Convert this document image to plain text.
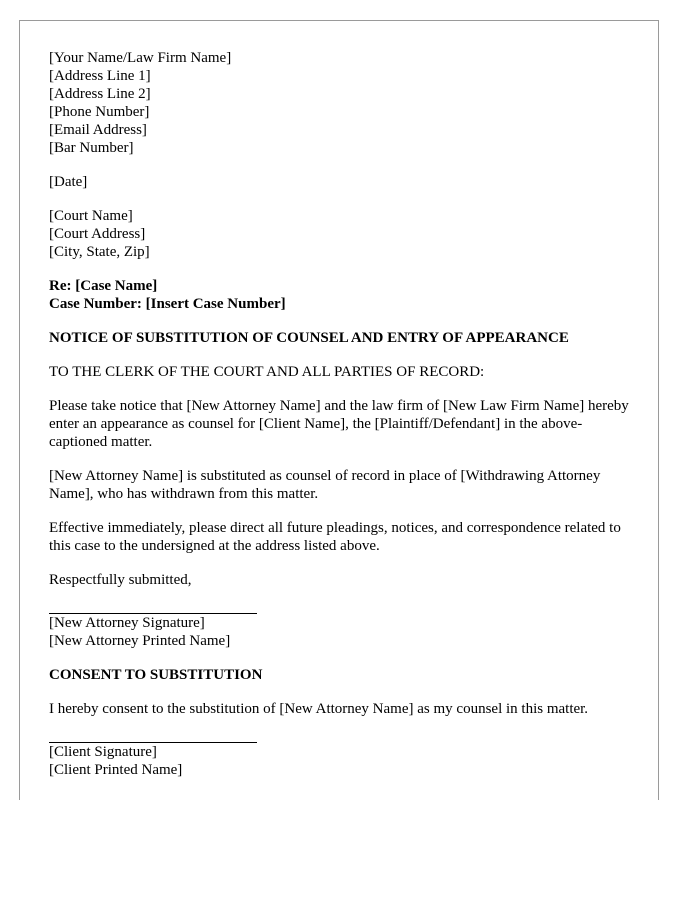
[Your Name/Law Firm Name]
[Address Line 1]
[Address Line 2]
[Phone Number]
[Email Address]
[Bar Number]
[Date]
[Court Name]
[Court Address]
[City, State, Zip]
Re: [Case Name]
Case Number: [Insert Case Number]
NOTICE OF SUBSTITUTION OF COUNSEL AND ENTRY OF APPEARANCE
TO THE CLERK OF THE COURT AND ALL PARTIES OF RECORD:

Please take notice that [New Attorney Name] and the law firm of [New Law Firm Name] hereby enter an appearance as counsel for [Client Name], the [Plaintiff/Defendant] in the above-captioned matter.

[New Attorney Name] is substituted as counsel of record in place of [Withdrawing Attorney Name], who has withdrawn from this matter.

Effective immediately, please direct all future pleadings, notices, and correspondence related to this case to the undersigned at the address listed above.

Respectfully submitted,
[New Attorney Signature]
[New Attorney Printed Name]
CONSENT TO SUBSTITUTION
I hereby consent to the substitution of [New Attorney Name] as my counsel in this matter.
[Client Signature]
[Client Printed Name]
